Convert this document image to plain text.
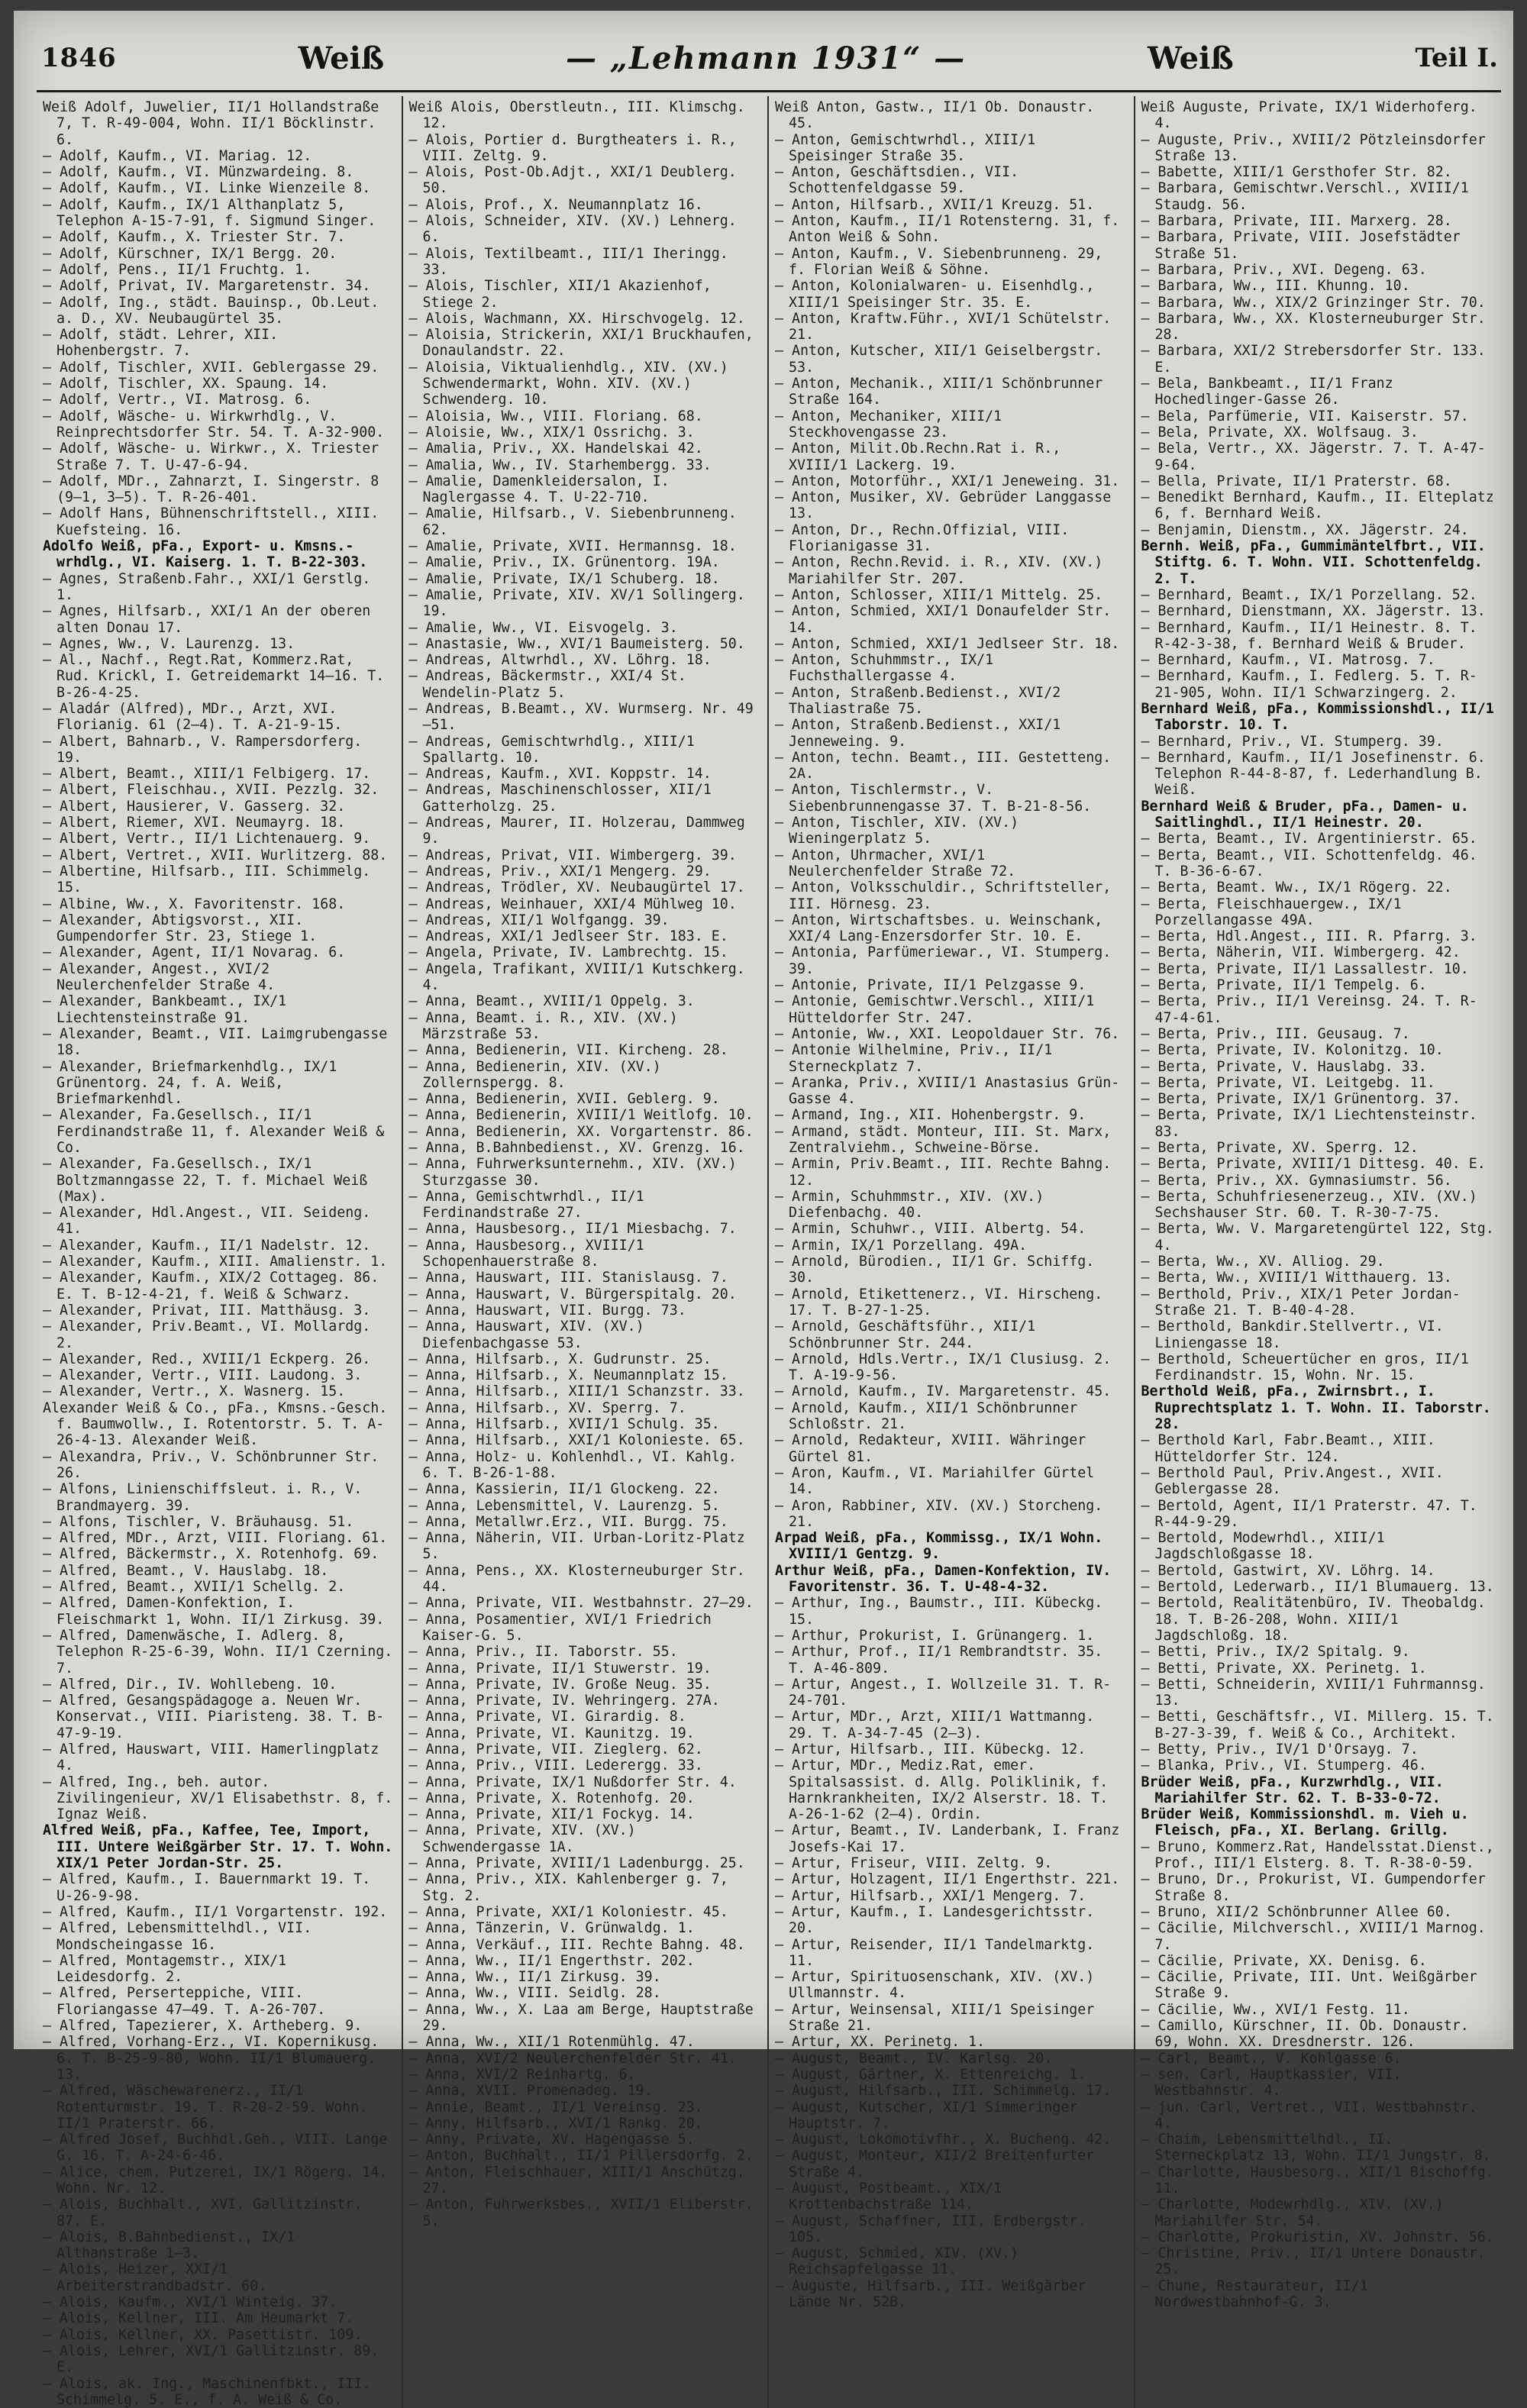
1846	Weiß	— „Lehmann 1931“ —	Weiß	Teil I.
Weiß Adolf, Juwelier, II/1 Hollandstraße 7, T. R-49-004, Wohn. II/1 Böcklinstr. 6.
— Adolf, Kaufm., VI. Mariag. 12.
— Adolf, Kaufm., VI. Münzwardeing. 8.
— Adolf, Kaufm., VI. Linke Wienzeile 8.
— Adolf, Kaufm., IX/1 Althanplatz 5, Telephon A-15-7-91, f. Sigmund Singer.
— Adolf, Kaufm., X. Triester Str. 7.
— Adolf, Kürschner, IX/1 Bergg. 20.
— Adolf, Pens., II/1 Fruchtg. 1.
— Adolf, Privat, IV. Margaretenstr. 34.
— Adolf, Ing., städt. Bauinsp., Ob.Leut. a. D., XV. Neubaugürtel 35.
— Adolf, städt. Lehrer, XII. Hohenbergstr. 7.
— Adolf, Tischler, XVII. Geblergasse 29.
— Adolf, Tischler, XX. Spaung. 14.
— Adolf, Vertr., VI. Matrosg. 6.
— Adolf, Wäsche- u. Wirkwrhdlg., V. Reinprechtsdorfer Str. 54. T. A-32-900.
— Adolf, Wäsche- u. Wirkwr., X. Triester Straße 7. T. U-47-6-94.
— Adolf, MDr., Zahnarzt, I. Singerstr. 8 (9—1, 3—5). T. R-26-401.
— Adolf Hans, Bühnenschriftstell., XIII. Kuefsteing. 16.
Adolfo Weiß, pFa., Export- u. Kmsns.-wrhdlg., VI. Kaiserg. 1. T. B-22-303.
— Agnes, Straßenb.Fahr., XXI/1 Gerstlg. 1.
— Agnes, Hilfsarb., XXI/1 An der oberen alten Donau 17.
— Agnes, Ww., V. Laurenzg. 13.
— Al., Nachf., Regt.Rat, Kommerz.Rat, Rud. Krickl, I. Getreidemarkt 14—16. T. B-26-4-25.
— Aladár (Alfred), MDr., Arzt, XVI. Florianig. 61 (2—4). T. A-21-9-15.
— Albert, Bahnarb., V. Rampersdorferg. 19.
— Albert, Beamt., XIII/1 Felbigerg. 17.
— Albert, Fleischhau., XVII. Pezzlg. 32.
— Albert, Hausierer, V. Gasserg. 32.
— Albert, Riemer, XVI. Neumayrg. 18.
— Albert, Vertr., II/1 Lichtenauerg. 9.
— Albert, Vertret., XVII. Wurlitzerg. 88.
— Albertine, Hilfsarb., III. Schimmelg. 15.
— Albine, Ww., X. Favoritenstr. 168.
— Alexander, Abtigsvorst., XII. Gumpendorfer Str. 23, Stiege 1.
— Alexander, Agent, II/1 Novarag. 6.
— Alexander, Angest., XVI/2 Neulerchenfelder Straße 4.
— Alexander, Bankbeamt., IX/1 Liechtensteinstraße 91.
— Alexander, Beamt., VII. Laimgrubengasse 18.
— Alexander, Briefmarkenhdlg., IX/1 Grünentorg. 24, f. A. Weiß, Briefmarkenhdl.
— Alexander, Fa.Gesellsch., II/1 Ferdinandstraße 11, f. Alexander Weiß & Co.
— Alexander, Fa.Gesellsch., IX/1 Boltzmanngasse 22, T. f. Michael Weiß (Max).
— Alexander, Hdl.Angest., VII. Seideng. 41.
— Alexander, Kaufm., II/1 Nadelstr. 12.
— Alexander, Kaufm., XIII. Amalienstr. 1.
— Alexander, Kaufm., XIX/2 Cottageg. 86. E. T. B-12-4-21, f. Weiß & Schwarz.
— Alexander, Privat, III. Matthäusg. 3.
— Alexander, Priv.Beamt., VI. Mollardg. 2.
— Alexander, Red., XVIII/1 Eckperg. 26.
— Alexander, Vertr., VIII. Laudong. 3.
— Alexander, Vertr., X. Wasnerg. 15.
Alexander Weiß & Co., pFa., Kmsns.-Gesch. f. Baumwollw., I. Rotentorstr. 5. T. A-26-4-13. Alexander Weiß.
— Alexandra, Priv., V. Schönbrunner Str. 26.
— Alfons, Linienschiffsleut. i. R., V. Brandmayerg. 39.
— Alfons, Tischler, V. Bräuhausg. 51.
— Alfred, MDr., Arzt, VIII. Floriang. 61.
— Alfred, Bäckermstr., X. Rotenhofg. 69.
— Alfred, Beamt., V. Hauslabg. 18.
— Alfred, Beamt., XVII/1 Schellg. 2.
— Alfred, Damen-Konfektion, I. Fleischmarkt 1, Wohn. II/1 Zirkusg. 39.
— Alfred, Damenwäsche, I. Adlerg. 8, Telephon R-25-6-39, Wohn. II/1 Czerning. 7.
— Alfred, Dir., IV. Wohllebeng. 10.
— Alfred, Gesangspädagoge a. Neuen Wr. Konservat., VIII. Piaristeng. 38. T. B-47-9-19.
— Alfred, Hauswart, VIII. Hamerlingplatz 4.
— Alfred, Ing., beh. autor. Zivilingenieur, XV/1 Elisabethstr. 8, f. Ignaz Weiß.
Alfred Weiß, pFa., Kaffee, Tee, Import, III. Untere Weißgärber Str. 17. T. Wohn. XIX/1 Peter Jordan-Str. 25.
— Alfred, Kaufm., I. Bauernmarkt 19. T. U-26-9-98.
— Alfred, Kaufm., II/1 Vorgartenstr. 192.
— Alfred, Lebensmittelhdl., VII. Mondscheingasse 16.
— Alfred, Montagemstr., XIX/1 Leidesdorfg. 2.
— Alfred, Perserteppiche, VIII. Floriangasse 47—49. T. A-26-707.
— Alfred, Tapezierer, X. Artheberg. 9.
— Alfred, Vorhang-Erz., VI. Kopernikusg. 6. T. B-25-9-80, Wohn. II/1 Blumauerg. 13.
— Alfred, Wäschewarenerz., II/1 Rotenturmstr. 19. T. R-20-2-59. Wohn. II/1 Praterstr. 66.
— Alfred Josef, Buchhdl.Geh., VIII. Lange G. 16. T. A-24-6-46.
— Alice, chem. Putzerei, IX/1 Rögerg. 14. Wohn. Nr. 12.
— Alois, Buchhalt., XVI. Gallitzinstr. 87. E.
— Alois, B.Bahnbedienst., IX/1 Althanstraße 1—3.
— Alois, Heizer, XXI/1 Arbeiterstrandbadstr. 60.
— Alois, Kaufm., XVI/1 Winteig. 37.
— Alois, Kellner, III. Am Heumarkt 7.
— Alois, Kellner, XX. Pasettistr. 109.
— Alois, Lehrer, XVI/1 Gallitzinstr. 89. E.
— Alois, ak. Ing., Maschinenfbkt., III. Schimmelg. 5. E., f. A. Weiß & Co.
Weiß Alois, Oberstleutn., III. Klimschg. 12.
— Alois, Portier d. Burgtheaters i. R., VIII. Zeltg. 9.
— Alois, Post-Ob.Adjt., XXI/1 Deublerg. 50.
— Alois, Prof., X. Neumannplatz 16.
— Alois, Schneider, XIV. (XV.) Lehnerg. 6.
— Alois, Textilbeamt., III/1 Iheringg. 33.
— Alois, Tischler, XII/1 Akazienhof, Stiege 2.
— Alois, Wachmann, XX. Hirschvogelg. 12.
— Aloisia, Strickerin, XXI/1 Bruckhaufen, Donaulandstr. 22.
— Aloisia, Viktualienhdlg., XIV. (XV.) Schwendermarkt, Wohn. XIV. (XV.) Schwenderg. 10.
— Aloisia, Ww., VIII. Floriang. 68.
— Aloisie, Ww., XIX/1 Ossrichg. 3.
— Amalia, Priv., XX. Handelskai 42.
— Amalia, Ww., IV. Starhembergg. 33.
— Amalie, Damenkleidersalon, I. Naglergasse 4. T. U-22-710.
— Amalie, Hilfsarb., V. Siebenbrunneng. 62.
— Amalie, Private, XVII. Hermannsg. 18.
— Amalie, Priv., IX. Grünentorg. 19A.
— Amalie, Private, IX/1 Schuberg. 18.
— Amalie, Private, XIV. XV/1 Sollingerg. 19.
— Amalie, Ww., VI. Eisvogelg. 3.
— Anastasie, Ww., XVI/1 Baumeisterg. 50.
— Andreas, Altwrhdl., XV. Löhrg. 18.
— Andreas, Bäckermstr., XXI/4 St. Wendelin-Platz 5.
— Andreas, B.Beamt., XV. Wurmserg. Nr. 49—51.
— Andreas, Gemischtwrhdlg., XIII/1 Spallartg. 10.
— Andreas, Kaufm., XVI. Koppstr. 14.
— Andreas, Maschinenschlosser, XII/1 Gatterholzg. 25.
— Andreas, Maurer, II. Holzerau, Dammweg 9.
— Andreas, Privat, VII. Wimbergerg. 39.
— Andreas, Priv., XXI/1 Mengerg. 29.
— Andreas, Trödler, XV. Neubaugürtel 17.
— Andreas, Weinhauer, XXI/4 Mühlweg 10.
— Andreas, XII/1 Wolfgangg. 39.
— Andreas, XXI/1 Jedlseer Str. 183. E.
— Angela, Private, IV. Lambrechtg. 15.
— Angela, Trafikant, XVIII/1 Kutschkerg. 4.
— Anna, Beamt., XVIII/1 Oppelg. 3.
— Anna, Beamt. i. R., XIV. (XV.) Märzstraße 53.
— Anna, Bedienerin, VII. Kircheng. 28.
— Anna, Bedienerin, XIV. (XV.) Zollernspergg. 8.
— Anna, Bedienerin, XVII. Geblerg. 9.
— Anna, Bedienerin, XVIII/1 Weitlofg. 10.
— Anna, Bedienerin, XX. Vorgartenstr. 86.
— Anna, B.Bahnbedienst., XV. Grenzg. 16.
— Anna, Fuhrwerksunternehm., XIV. (XV.) Sturzgasse 30.
— Anna, Gemischtwrhdl., II/1 Ferdinandstraße 27.
— Anna, Hausbesorg., II/1 Miesbachg. 7.
— Anna, Hausbesorg., XVIII/1 Schopenhauerstraße 8.
— Anna, Hauswart, III. Stanislausg. 7.
— Anna, Hauswart, V. Bürgerspitalg. 20.
— Anna, Hauswart, VII. Burgg. 73.
— Anna, Hauswart, XIV. (XV.) Diefenbachgasse 53.
— Anna, Hilfsarb., X. Gudrunstr. 25.
— Anna, Hilfsarb., X. Neumannplatz 15.
— Anna, Hilfsarb., XIII/1 Schanzstr. 33.
— Anna, Hilfsarb., XV. Sperrg. 7.
— Anna, Hilfsarb., XVII/1 Schulg. 35.
— Anna, Hilfsarb., XXI/1 Kolonieste. 65.
— Anna, Holz- u. Kohlenhdl., VI. Kahlg. 6. T. B-26-1-88.
— Anna, Kassierin, II/1 Glockeng. 22.
— Anna, Lebensmittel, V. Laurenzg. 5.
— Anna, Metallwr.Erz., VII. Burgg. 75.
— Anna, Näherin, VII. Urban-Loritz-Platz 5.
— Anna, Pens., XX. Klosterneuburger Str. 44.
— Anna, Private, VII. Westbahnstr. 27—29.
— Anna, Posamentier, XVI/1 Friedrich Kaiser-G. 5.
— Anna, Priv., II. Taborstr. 55.
— Anna, Private, II/1 Stuwerstr. 19.
— Anna, Private, IV. Große Neug. 35.
— Anna, Private, IV. Wehringerg. 27A.
— Anna, Private, VI. Girardig. 8.
— Anna, Private, VI. Kaunitzg. 19.
— Anna, Private, VII. Zieglerg. 62.
— Anna, Priv., VIII. Lederergg. 33.
— Anna, Private, IX/1 Nußdorfer Str. 4.
— Anna, Private, X. Rotenhofg. 20.
— Anna, Private, XII/1 Fockyg. 14.
— Anna, Private, XIV. (XV.) Schwendergasse 1A.
— Anna, Private, XVIII/1 Ladenburgg. 25.
— Anna, Priv., XIX. Kahlenberger g. 7, Stg. 2.
— Anna, Private, XXI/1 Koloniestr. 45.
— Anna, Tänzerin, V. Grünwaldg. 1.
— Anna, Verkäuf., III. Rechte Bahng. 48.
— Anna, Ww., II/1 Engerthstr. 202.
— Anna, Ww., II/1 Zirkusg. 39.
— Anna, Ww., VIII. Seidlg. 28.
— Anna, Ww., X. Laa am Berge, Hauptstraße 29.
— Anna, Ww., XII/1 Rotenmühlg. 47.
— Anna, XVI/2 Neulerchenfelder Str. 41.
— Anna, XVI/2 Reinhartg. 6.
— Anna, XVII. Promenadeg. 19.
— Annie, Beamt., II/1 Vereinsg. 23.
— Anny, Hilfsarb., XVI/1 Rankg. 20.
— Anny, Private, XV. Hagengasse 5.
— Anton, Buchhalt., II/1 Pillersdorfg. 2.
— Anton, Fleischhauer, XIII/1 Anschützg. 27.
— Anton, Fuhrwerksbes., XVII/1 Eliberstr. 5.
Weiß Anton, Gastw., II/1 Ob. Donaustr. 45.
— Anton, Gemischtwrhdl., XIII/1 Speisinger Straße 35.
— Anton, Geschäftsdien., VII. Schottenfeldgasse 59.
— Anton, Hilfsarb., XVII/1 Kreuzg. 51.
— Anton, Kaufm., II/1 Rotensterng. 31, f. Anton Weiß & Sohn.
— Anton, Kaufm., V. Siebenbrunneng. 29, f. Florian Weiß & Söhne.
— Anton, Kolonialwaren- u. Eisenhdlg., XIII/1 Speisinger Str. 35. E.
— Anton, Kraftw.Führ., XVI/1 Schütelstr. 21.
— Anton, Kutscher, XII/1 Geiselbergstr. 53.
— Anton, Mechanik., XIII/1 Schönbrunner Straße 164.
— Anton, Mechaniker, XIII/1 Steckhovengasse 23.
— Anton, Milit.Ob.Rechn.Rat i. R., XVIII/1 Lackerg. 19.
— Anton, Motorführ., XXI/1 Jeneweing. 31.
— Anton, Musiker, XV. Gebrüder Langgasse 13.
— Anton, Dr., Rechn.Offizial, VIII. Florianigasse 31.
— Anton, Rechn.Revid. i. R., XIV. (XV.) Mariahilfer Str. 207.
— Anton, Schlosser, XIII/1 Mittelg. 25.
— Anton, Schmied, XXI/1 Donaufelder Str. 14.
— Anton, Schmied, XXI/1 Jedlseer Str. 18.
— Anton, Schuhmmstr., IX/1 Fuchsthallergasse 4.
— Anton, Straßenb.Bedienst., XVI/2 Thaliastraße 75.
— Anton, Straßenb.Bedienst., XXI/1 Jenneweing. 9.
— Anton, techn. Beamt., III. Gestetteng. 2A.
— Anton, Tischlermstr., V. Siebenbrunnengasse 37. T. B-21-8-56.
— Anton, Tischler, XIV. (XV.) Wieningerplatz 5.
— Anton, Uhrmacher, XVI/1 Neulerchenfelder Straße 72.
— Anton, Volksschuldir., Schriftsteller, III. Hörnesg. 23.
— Anton, Wirtschaftsbes. u. Weinschank, XXI/4 Lang-Enzersdorfer Str. 10. E.
— Antonia, Parfümeriewar., VI. Stumperg. 39.
— Antonie, Private, II/1 Pelzgasse 9.
— Antonie, Gemischtwr.Verschl., XIII/1 Hütteldorfer Str. 247.
— Antonie, Ww., XXI. Leopoldauer Str. 76.
— Antonie Wilhelmine, Priv., II/1 Sterneckplatz 7.
— Aranka, Priv., XVIII/1 Anastasius Grün-Gasse 4.
— Armand, Ing., XII. Hohenbergstr. 9.
— Armand, städt. Monteur, III. St. Marx, Zentralviehm., Schweine-Börse.
— Armin, Priv.Beamt., III. Rechte Bahng. 12.
— Armin, Schuhmmstr., XIV. (XV.) Diefenbachg. 40.
— Armin, Schuhwr., VIII. Albertg. 54.
— Armin, IX/1 Porzellang. 49A.
— Arnold, Bürodien., II/1 Gr. Schiffg. 30.
— Arnold, Etikettenerz., VI. Hirscheng. 17. T. B-27-1-25.
— Arnold, Geschäftsführ., XII/1 Schönbrunner Str. 244.
— Arnold, Hdls.Vertr., IX/1 Clusiusg. 2. T. A-19-9-56.
— Arnold, Kaufm., IV. Margaretenstr. 45.
— Arnold, Kaufm., XII/1 Schönbrunner Schloßstr. 21.
— Arnold, Redakteur, XVIII. Währinger Gürtel 81.
— Aron, Kaufm., VI. Mariahilfer Gürtel 14.
— Aron, Rabbiner, XIV. (XV.) Storcheng. 21.
Arpad Weiß, pFa., Kommissg., IX/1 Wohn. XVIII/1 Gentzg. 9.
Arthur Weiß, pFa., Damen-Konfektion, IV. Favoritenstr. 36. T. U-48-4-32.
— Arthur, Ing., Baumstr., III. Kübeckg. 15.
— Arthur, Prokurist, I. Grünangerg. 1.
— Arthur, Prof., II/1 Rembrandtstr. 35. T. A-46-809.
— Artur, Angest., I. Wollzeile 31. T. R-24-701.
— Artur, MDr., Arzt, XIII/1 Wattmanng. 29. T. A-34-7-45 (2—3).
— Artur, Hilfsarb., III. Kübeckg. 12.
— Artur, MDr., Mediz.Rat, emer. Spitalsassist. d. Allg. Poliklinik, f. Harnkrankheiten, IX/2 Alserstr. 18. T. A-26-1-62 (2—4). Ordin.
— Artur, Beamt., IV. Landerbank, I. Franz Josefs-Kai 17.
— Artur, Friseur, VIII. Zeltg. 9.
— Artur, Holzagent, II/1 Engerthstr. 221.
— Artur, Hilfsarb., XXI/1 Mengerg. 7.
— Artur, Kaufm., I. Landesgerichtsstr. 20.
— Artur, Reisender, II/1 Tandelmarktg. 11.
— Artur, Spirituosenschank, XIV. (XV.) Ullmannstr. 4.
— Artur, Weinsensal, XIII/1 Speisinger Straße 21.
— Artur, XX. Perinetg. 1.
— August, Beamt., IV. Karlsg. 20.
— August, Gärtner, X. Ettenreichg. 1.
— August, Hilfsarb., III. Schimmelg. 17.
— August, Kutscher, XI/1 Simmeringer Hauptstr. 7.
— August, Lokomotivfhr., X. Bucheng. 42.
— August, Monteur, XII/2 Breitenfurter Straße 4.
— August, Postbeamt., XIX/1 Krottenbachstraße 114.
— August, Schaffner, III. Erdbergstr. 105.
— August, Schmied, XIV. (XV.) Reichsapfelgasse 11.
— Auguste, Hilfsarb., III. Weißgärber Lände Nr. 52B.
Weiß Auguste, Private, IX/1 Widerhoferg. 4.
— Auguste, Priv., XVIII/2 Pötzleinsdorfer Straße 13.
— Babette, XIII/1 Gersthofer Str. 82.
— Barbara, Gemischtwr.Verschl., XVIII/1 Staudg. 56.
— Barbara, Private, III. Marxerg. 28.
— Barbara, Private, VIII. Josefstädter Straße 51.
— Barbara, Priv., XVI. Degeng. 63.
— Barbara, Ww., III. Khunng. 10.
— Barbara, Ww., XIX/2 Grinzinger Str. 70.
— Barbara, Ww., XX. Klosterneuburger Str. 28.
— Barbara, XXI/2 Strebersdorfer Str. 133. E.
— Bela, Bankbeamt., II/1 Franz Hochedlinger-Gasse 26.
— Bela, Parfümerie, VII. Kaiserstr. 57.
— Bela, Private, XX. Wolfsaug. 3.
— Bela, Vertr., XX. Jägerstr. 7. T. A-47-9-64.
— Bella, Private, II/1 Praterstr. 68.
— Benedikt Bernhard, Kaufm., II. Elteplatz 6, f. Bernhard Weiß.
— Benjamin, Dienstm., XX. Jägerstr. 24.
Bernh. Weiß, pFa., Gummimäntelfbrt., VII. Stiftg. 6. T. Wohn. VII. Schottenfeldg. 2. T.
— Bernhard, Beamt., IX/1 Porzellang. 52.
— Bernhard, Dienstmann, XX. Jägerstr. 13.
— Bernhard, Kaufm., II/1 Heinestr. 8. T. R-42-3-38, f. Bernhard Weiß & Bruder.
— Bernhard, Kaufm., VI. Matrosg. 7.
— Bernhard, Kaufm., I. Fedlerg. 5. T. R-21-905, Wohn. II/1 Schwarzingerg. 2.
Bernhard Weiß, pFa., Kommissionshdl., II/1 Taborstr. 10. T.
— Bernhard, Priv., VI. Stumperg. 39.
— Bernhard, Kaufm., II/1 Josefinenstr. 6. Telephon R-44-8-87, f. Lederhandlung B. Weiß.
Bernhard Weiß & Bruder, pFa., Damen- u. Saitlinghdl., II/1 Heinestr. 20.
— Berta, Beamt., IV. Argentinierstr. 65.
— Berta, Beamt., VII. Schottenfeldg. 46. T. B-36-6-67.
— Berta, Beamt. Ww., IX/1 Rögerg. 22.
— Berta, Fleischhauergew., IX/1 Porzellangasse 49A.
— Berta, Hdl.Angest., III. R. Pfarrg. 3.
— Berta, Näherin, VII. Wimbergerg. 42.
— Berta, Private, II/1 Lassallestr. 10.
— Berta, Private, II/1 Tempelg. 6.
— Berta, Priv., II/1 Vereinsg. 24. T. R-47-4-61.
— Berta, Priv., III. Geusaug. 7.
— Berta, Private, IV. Kolonitzg. 10.
— Berta, Private, V. Hauslabg. 33.
— Berta, Private, VI. Leitgebg. 11.
— Berta, Private, IX/1 Grünentorg. 37.
— Berta, Private, IX/1 Liechtensteinstr. 83.
— Berta, Private, XV. Sperrg. 12.
— Berta, Private, XVIII/1 Dittesg. 40. E.
— Berta, Priv., XX. Gymnasiumstr. 56.
— Berta, Schuhfriesenerzeug., XIV. (XV.) Sechshauser Str. 60. T. R-30-7-75.
— Berta, Ww. V. Margaretengürtel 122, Stg. 4.
— Berta, Ww., XV. Alliog. 29.
— Berta, Ww., XVIII/1 Witthauerg. 13.
— Berthold, Priv., XIX/1 Peter Jordan-Straße 21. T. B-40-4-28.
— Berthold, Bankdir.Stellvertr., VI. Liniengasse 18.
— Berthold, Scheuertücher en gros, II/1 Ferdinandstr. 15, Wohn. Nr. 15.
Berthold Weiß, pFa., Zwirnsbrt., I. Ruprechtsplatz 1. T. Wohn. II. Taborstr. 28.
— Berthold Karl, Fabr.Beamt., XIII. Hütteldorfer Str. 124.
— Berthold Paul, Priv.Angest., XVII. Geblergasse 28.
— Bertold, Agent, II/1 Praterstr. 47. T. R-44-9-29.
— Bertold, Modewrhdl., XIII/1 Jagdschloßgasse 18.
— Bertold, Gastwirt, XV. Löhrg. 14.
— Bertold, Lederwarb., II/1 Blumauerg. 13.
— Bertold, Realitätenbüro, IV. Theobaldg. 18. T. B-26-208, Wohn. XIII/1 Jagdschloßg. 18.
— Betti, Priv., IX/2 Spitalg. 9.
— Betti, Private, XX. Perinetg. 1.
— Betti, Schneiderin, XVIII/1 Fuhrmannsg. 13.
— Betti, Geschäftsfr., VI. Millerg. 15. T. B-27-3-39, f. Weiß & Co., Architekt.
— Betty, Priv., IV/1 D'Orsayg. 7.
— Blanka, Priv., VI. Stumperg. 46.
Brüder Weiß, pFa., Kurzwrhdlg., VII. Mariahilfer Str. 62. T. B-33-0-72.
Brüder Weiß, Kommissionshdl. m. Vieh u. Fleisch, pFa., XI. Berlang. Grillg.
— Bruno, Kommerz.Rat, Handelsstat.Dienst., Prof., III/1 Elsterg. 8. T. R-38-0-59.
— Bruno, Dr., Prokurist, VI. Gumpendorfer Straße 8.
— Bruno, XII/2 Schönbrunner Allee 60.
— Cäcilie, Milchverschl., XVIII/1 Marnog. 7.
— Cäcilie, Private, XX. Denisg. 6.
— Cäcilie, Private, III. Unt. Weißgärber Straße 9.
— Cäcilie, Ww., XVI/1 Festg. 11.
— Camillo, Kürschner, II. Ob. Donaustr. 69, Wohn. XX. Dresdnerstr. 126.
— Carl, Beamt., V. Kohlgasse 6.
— sen. Carl, Hauptkassier, VII. Westbahnstr. 4.
— jun. Carl, Vertret., VII. Westbahnstr. 4.
— Chaim, Lebensmittelhdl., II. Sterneckplatz 13, Wohn. II/1 Jungstr. 8.
— Charlotte, Hausbesorg., XII/1 Bischoffg. 11.
— Charlotte, Modewrhdlg., XIV. (XV.) Mariahilfer Str. 54.
— Charlotte, Prokuristin, XV. Johnstr. 56.
— Christine, Priv., II/1 Untere Donaustr. 25.
— Chune, Restaurateur, II/1 Nordwestbahnhof-G. 3.
